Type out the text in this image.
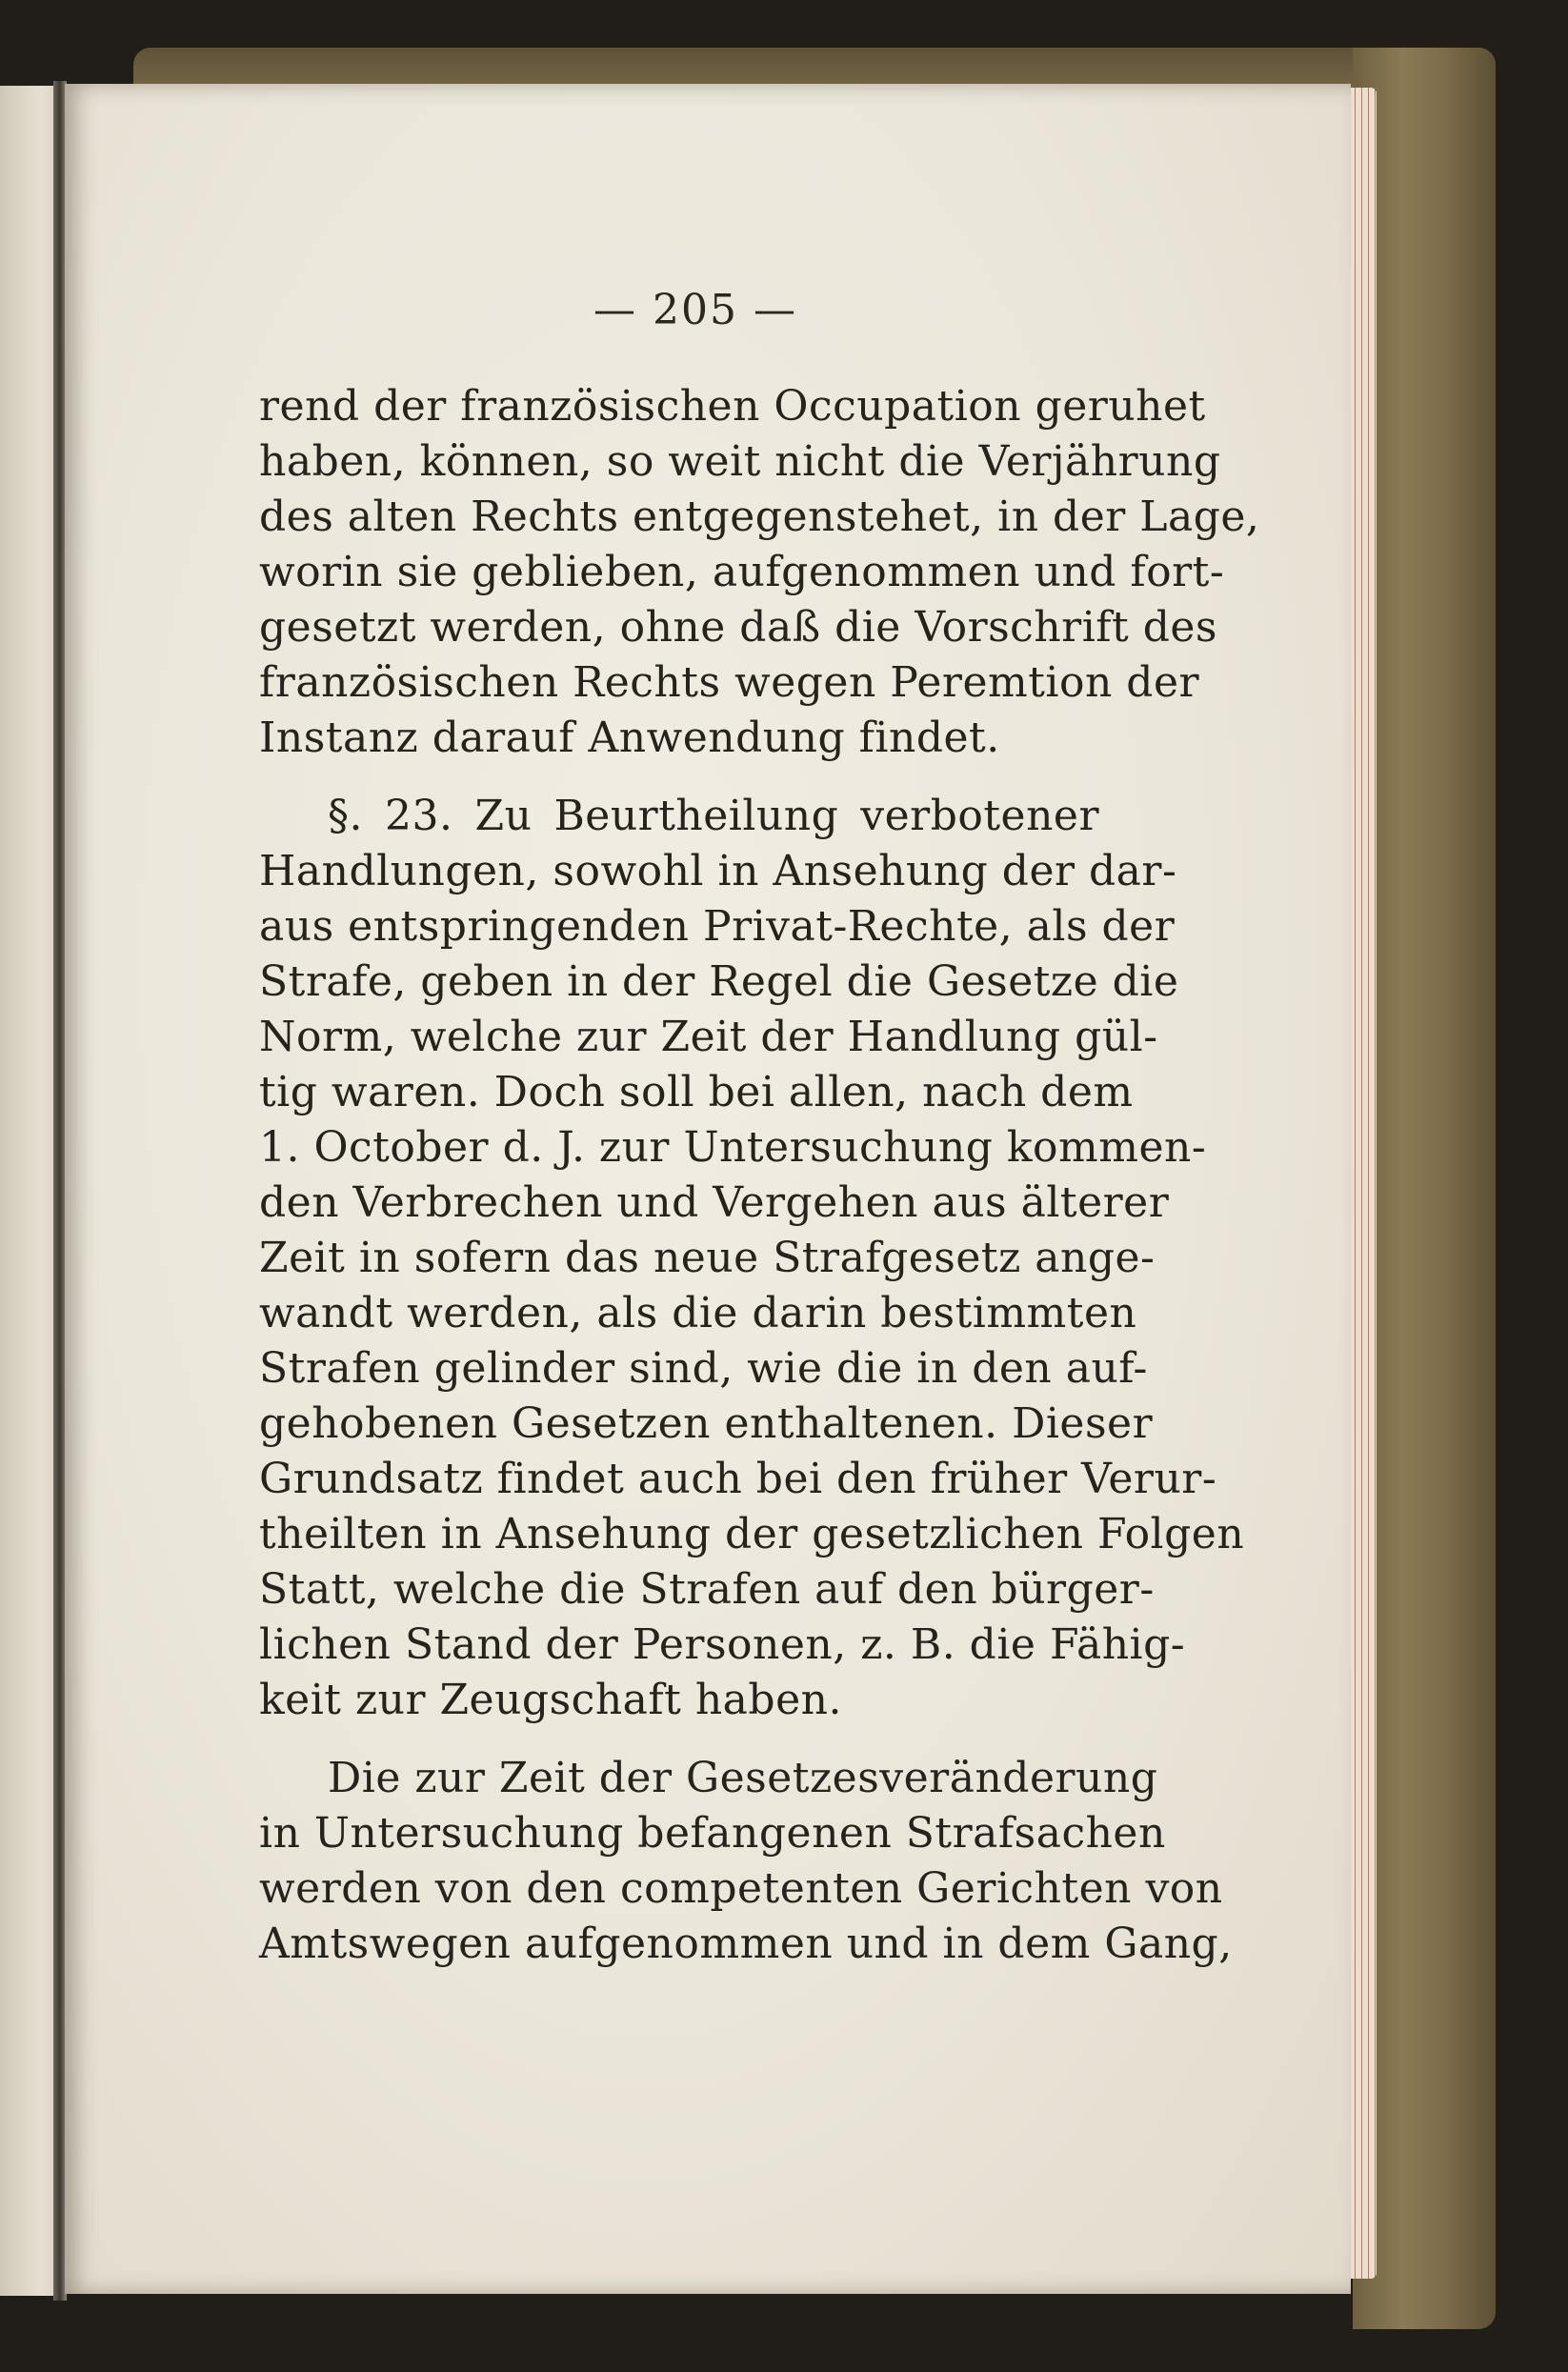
— 205 —
rend der französischen Occupation geruhet
haben, können, so weit nicht die Verjährung
des alten Rechts entgegenstehet, in der Lage,
worin sie geblieben, aufgenommen und fort-
gesetzt werden, ohne daß die Vorschrift des
französischen Rechts wegen Peremtion der
Instanz darauf Anwendung findet.
§. 23. Zu Beurtheilung verbotener
Handlungen, sowohl in Ansehung der dar-
aus entspringenden Privat-Rechte, als der
Strafe, geben in der Regel die Gesetze die
Norm, welche zur Zeit der Handlung gül-
tig waren. Doch soll bei allen, nach dem
1. October d. J. zur Untersuchung kommen-
den Verbrechen und Vergehen aus älterer
Zeit in sofern das neue Strafgesetz ange-
wandt werden, als die darin bestimmten
Strafen gelinder sind, wie die in den auf-
gehobenen Gesetzen enthaltenen. Dieser
Grundsatz findet auch bei den früher Verur-
theilten in Ansehung der gesetzlichen Folgen
Statt, welche die Strafen auf den bürger-
lichen Stand der Personen, z. B. die Fähig-
keit zur Zeugschaft haben.
Die zur Zeit der Gesetzesveränderung
in Untersuchung befangenen Strafsachen
werden von den competenten Gerichten von
Amtswegen aufgenommen und in dem Gang,
